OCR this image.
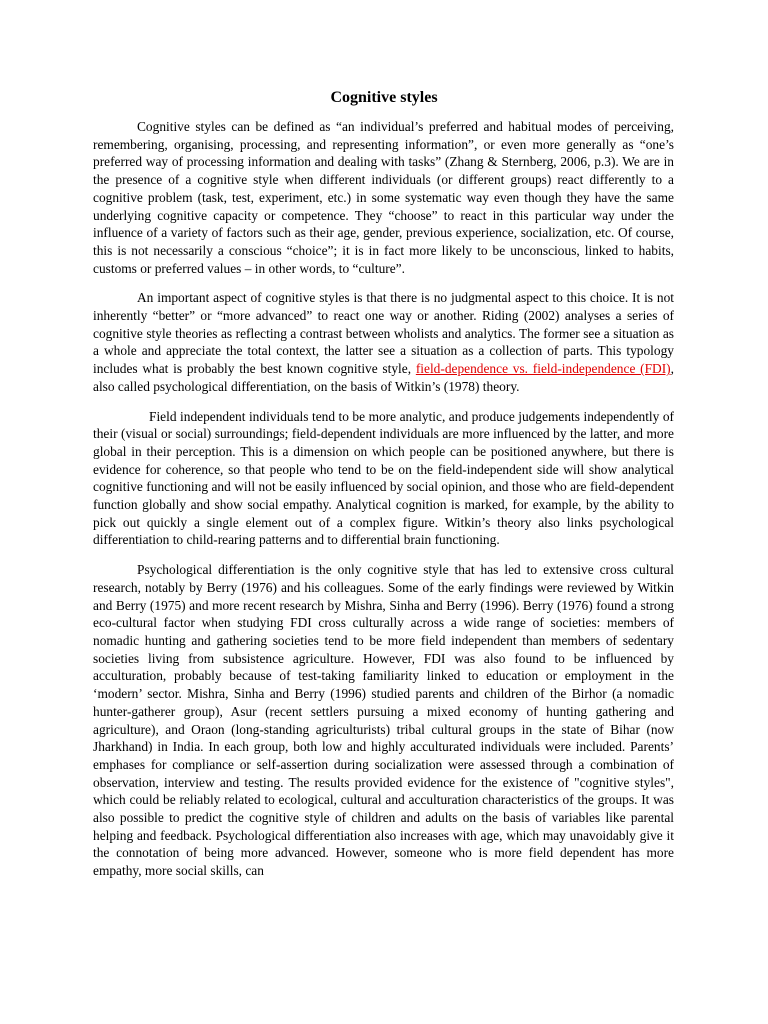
Cognitive styles

Cognitive styles can be defined as “an individual’s preferred and habitual modes of perceiving, remembering, organising, processing, and representing information”, or even more generally as “one’s preferred way of processing information and dealing with tasks” (Zhang & Sternberg, 2006, p.3). We are in the presence of a cognitive style when different individuals (or different groups) react differently to a cognitive problem (task, test, experiment, etc.) in some systematic way even though they have the same underlying cognitive capacity or competence. They “choose” to react in this particular way under the influence of a variety of factors such as their age, gender, previous experience, socialization, etc. Of course, this is not necessarily a conscious “choice”; it is in fact more likely to be unconscious, linked to habits, customs or preferred values – in other words, to “culture”.

An important aspect of cognitive styles is that there is no judgmental aspect to this choice. It is not inherently “better” or “more advanced” to react one way or another. Riding (2002) analyses a series of cognitive style theories as reflecting a contrast between wholists and analytics. The former see a situation as a whole and appreciate the total context, the latter see a situation as a collection of parts. This typology includes what is probably the best known cognitive style, field-dependence vs. field-independence (FDI), also called psychological differentiation, on the basis of Witkin’s (1978) theory.

Field independent individuals tend to be more analytic, and produce judgements independently of their (visual or social) surroundings; field-dependent individuals are more influenced by the latter, and more global in their perception. This is a dimension on which people can be positioned anywhere, but there is evidence for coherence, so that people who tend to be on the field-independent side will show analytical cognitive functioning and will not be easily influenced by social opinion, and those who are field-dependent function globally and show social empathy. Analytical cognition is marked, for example, by the ability to pick out quickly a single element out of a complex figure. Witkin’s theory also links psychological differentiation to child-rearing patterns and to differential brain functioning.

Psychological differentiation is the only cognitive style that has led to extensive cross cultural research, notably by Berry (1976) and his colleagues. Some of the early findings were reviewed by Witkin and Berry (1975) and more recent research by Mishra, Sinha and Berry (1996). Berry (1976) found a strong eco-cultural factor when studying FDI cross culturally across a wide range of societies: members of nomadic hunting and gathering societies tend to be more field independent than members of sedentary societies living from subsistence agriculture. However, FDI was also found to be influenced by acculturation, probably because of test-taking familiarity linked to education or employment in the ‘modern’ sector. Mishra, Sinha and Berry (1996) studied parents and children of the Birhor (a nomadic hunter-gatherer group), Asur (recent settlers pursuing a mixed economy of hunting gathering and agriculture), and Oraon (long-standing agriculturists) tribal cultural groups in the state of Bihar (now Jharkhand) in India. In each group, both low and highly acculturated individuals were included. Parents’ emphases for compliance or self-assertion during socialization were assessed through a combination of observation, interview and testing. The results provided evidence for the existence of "cognitive styles", which could be reliably related to ecological, cultural and acculturation characteristics of the groups. It was also possible to predict the cognitive style of children and adults on the basis of variables like parental helping and feedback. Psychological differentiation also increases with age, which may unavoidably give it the connotation of being more advanced. However, someone who is more field dependent has more empathy, more social skills, can
